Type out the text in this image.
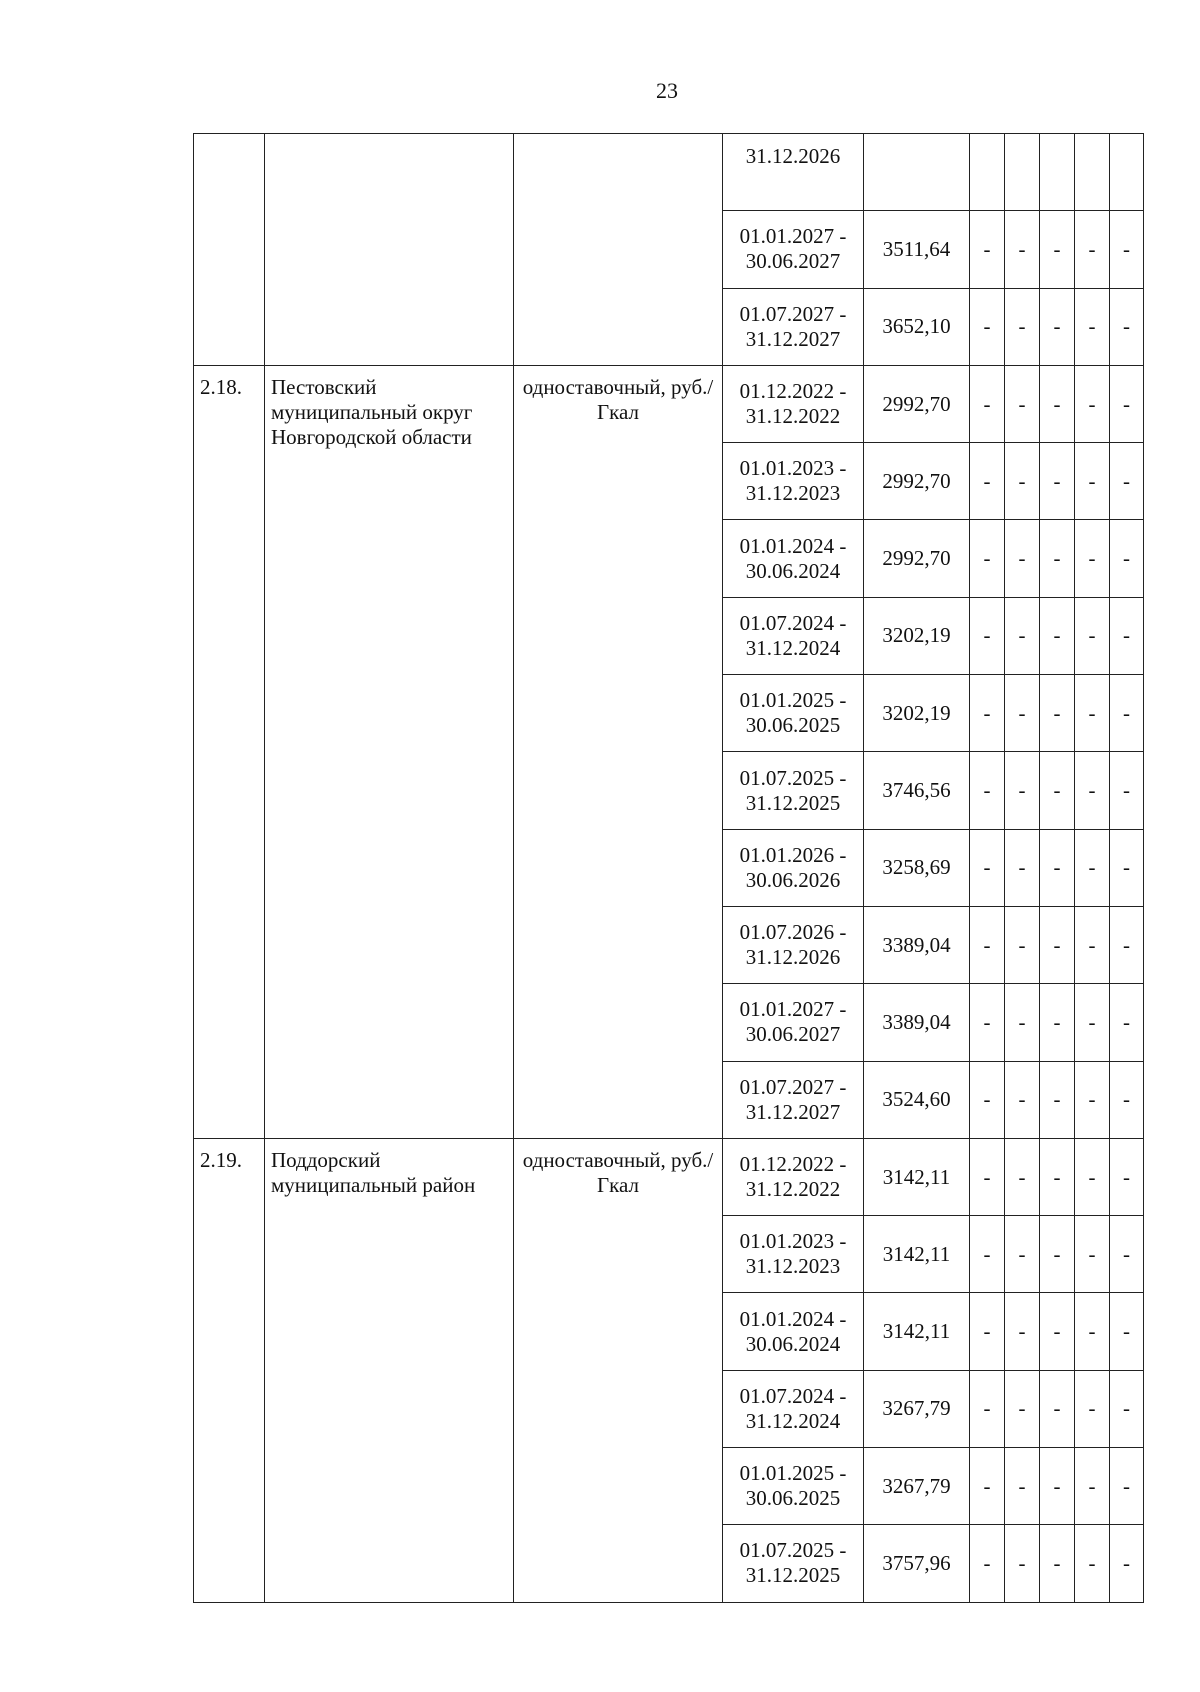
23

			31.12.2026						

			01.01.2027 -
30.06.2027	3511,64	-	-	-	-	-

			01.07.2027 -
31.12.2027	3652,10	-	-	-	-	-
2.18.	Пестовский муниципальный округ Новгородской области	одноставочный, руб./Гкал	01.12.2022 -
31.12.2022	2992,70	-	-	-	-	-

			01.01.2023 -
31.12.2023	2992,70	-	-	-	-	-

			01.01.2024 -
30.06.2024	2992,70	-	-	-	-	-

			01.07.2024 -
31.12.2024	3202,19	-	-	-	-	-

			01.01.2025 -
30.06.2025	3202,19	-	-	-	-	-

			01.07.2025 -
31.12.2025	3746,56	-	-	-	-	-

			01.01.2026 -
30.06.2026	3258,69	-	-	-	-	-

			01.07.2026 -
31.12.2026	3389,04	-	-	-	-	-

			01.01.2027 -
30.06.2027	3389,04	-	-	-	-	-

			01.07.2027 -
31.12.2027	3524,60	-	-	-	-	-
2.19.	Поддорский муниципальный район	одноставочный, руб./Гкал	01.12.2022 -
31.12.2022	3142,11	-	-	-	-	-

			01.01.2023 -
31.12.2023	3142,11	-	-	-	-	-

			01.01.2024 -
30.06.2024	3142,11	-	-	-	-	-

			01.07.2024 -
31.12.2024	3267,79	-	-	-	-	-

			01.01.2025 -
30.06.2025	3267,79	-	-	-	-	-

			01.07.2025 -
31.12.2025	3757,96	-	-	-	-	-
